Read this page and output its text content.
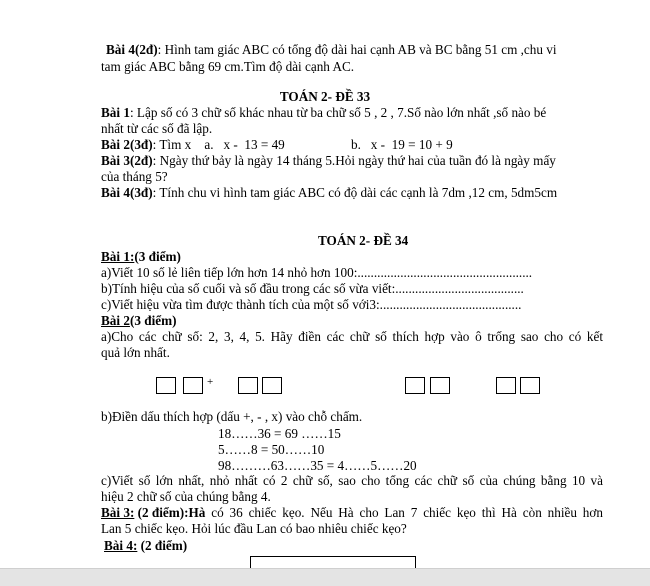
Bài 4(2đ): Hình tam giác ABC có tổng độ dài hai cạnh AB và BC bằng 51 cm ,chu vi
tam giác ABC bằng 69 cm.Tìm độ dài cạnh AC.
TOÁN 2- ĐỀ 33
Bài 1: Lập số có 3 chữ số khác nhau từ ba chữ số 5 , 2 , 7.Số nào lớn nhất ,số nào bé
nhất từ các số đã lập.
Bài 2(3đ): Tìm x    a.   x -  13 = 49	b.   x -  19 = 10 + 9
Bài 3(2đ): Ngày thứ bảy là ngày 14 tháng 5.Hỏi ngày thứ hai của tuần đó là ngày mấy
của tháng 5?
Bài 4(3đ): Tính chu vi hình tam giác ABC có độ dài các cạnh là 7dm ,12 cm, 5dm5cm
TOÁN 2- ĐỀ 34
Bài 1:(3 điểm)
a)Viết 10 số lẻ liên tiếp lớn hơn 14 nhỏ hơn 100:.....................................................
b)Tính hiệu của số cuối và số đầu trong các số vừa viết:.......................................
c)Viết hiệu vừa tìm được thành tích của một số với3:...........................................
Bài 2(3 điểm)
a)Cho các chữ số: 2, 3, 4, 5. Hãy điền các chữ số thích hợp vào ô trống sao cho có kết
quả lớn nhất.
+
b)Điền dấu thích hợp (dấu +, - , x) vào chỗ chấm.
18……36 = 69 ……15
5……8 = 50……10
98………63……35 = 4……5……20
c)Viết số lớn nhất, nhỏ nhất có 2 chữ số, sao cho tổng các chữ số của chúng bằng 10 và
hiệu 2 chữ số của chúng bằng 4.
Bài 3: (2 điểm):Hà có 36 chiếc kẹo. Nếu Hà cho Lan 7 chiếc kẹo thì Hà còn nhiều hơn
Lan 5 chiếc kẹo. Hỏi lúc đầu Lan có bao nhiêu chiếc kẹo?
Bài 4: (2 điểm)
